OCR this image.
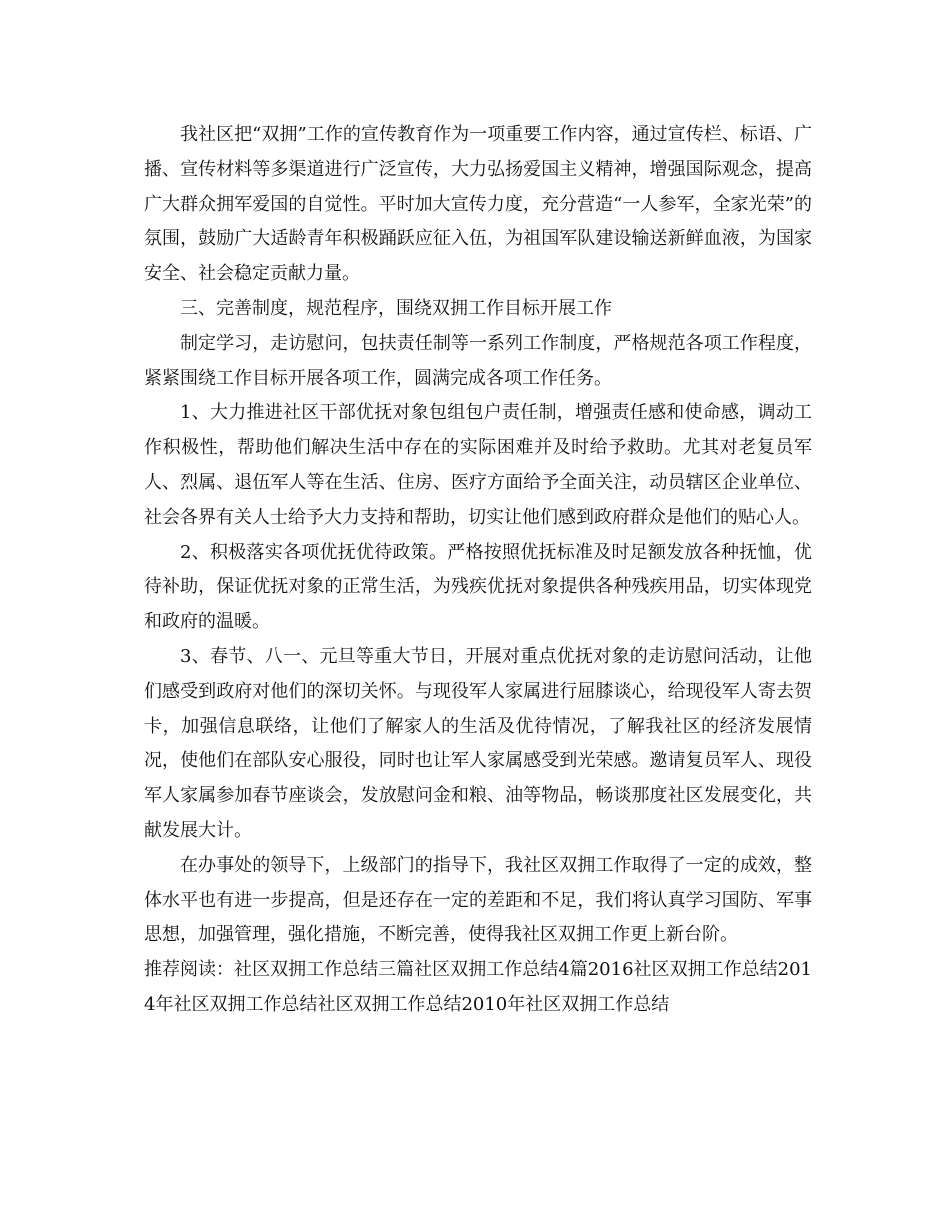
我社区把“双拥”工作的宣传教育作为一项重要工作内容，通过宣传栏、标语、广播、宣传材料等多渠道进行广泛宣传，大力弘扬爱国主义精神，增强国际观念，提高广大群众拥军爱国的自觉性。平时加大宣传力度，充分营造“一人参军，全家光荣”的氛围，鼓励广大适龄青年积极踊跃应征入伍，为祖国军队建设输送新鲜血液，为国家安全、社会稳定贡献力量。

三、完善制度，规范程序，围绕双拥工作目标开展工作

制定学习，走访慰问，包扶责任制等一系列工作制度，严格规范各项工作程度，紧紧围绕工作目标开展各项工作，圆满完成各项工作任务。

1、大力推进社区干部优抚对象包组包户责任制，增强责任感和使命感，调动工作积极性，帮助他们解决生活中存在的实际困难并及时给予救助。尤其对老复员军人、烈属、退伍军人等在生活、住房、医疗方面给予全面关注，动员辖区企业单位、社会各界有关人士给予大力支持和帮助，切实让他们感到政府群众是他们的贴心人。

2、积极落实各项优抚优待政策。严格按照优抚标准及时足额发放各种抚恤，优待补助，保证优抚对象的正常生活，为残疾优抚对象提供各种残疾用品，切实体现党和政府的温暖。

3、春节、八一、元旦等重大节日，开展对重点优抚对象的走访慰问活动，让他们感受到政府对他们的深切关怀。与现役军人家属进行屈膝谈心，给现役军人寄去贺卡，加强信息联络，让他们了解家人的生活及优待情况，了解我社区的经济发展情况，使他们在部队安心服役，同时也让军人家属感受到光荣感。邀请复员军人、现役军人家属参加春节座谈会，发放慰问金和粮、油等物品，畅谈那度社区发展变化，共献发展大计。

在办事处的领导下，上级部门的指导下，我社区双拥工作取得了一定的成效，整体水平也有进一步提高，但是还存在一定的差距和不足，我们将认真学习国防、军事思想，加强管理，强化措施，不断完善，使得我社区双拥工作更上新台阶。

推荐阅读：社区双拥工作总结三篇社区双拥工作总结4篇2016社区双拥工作总结2014年社区双拥工作总结社区双拥工作总结2010年社区双拥工作总结
